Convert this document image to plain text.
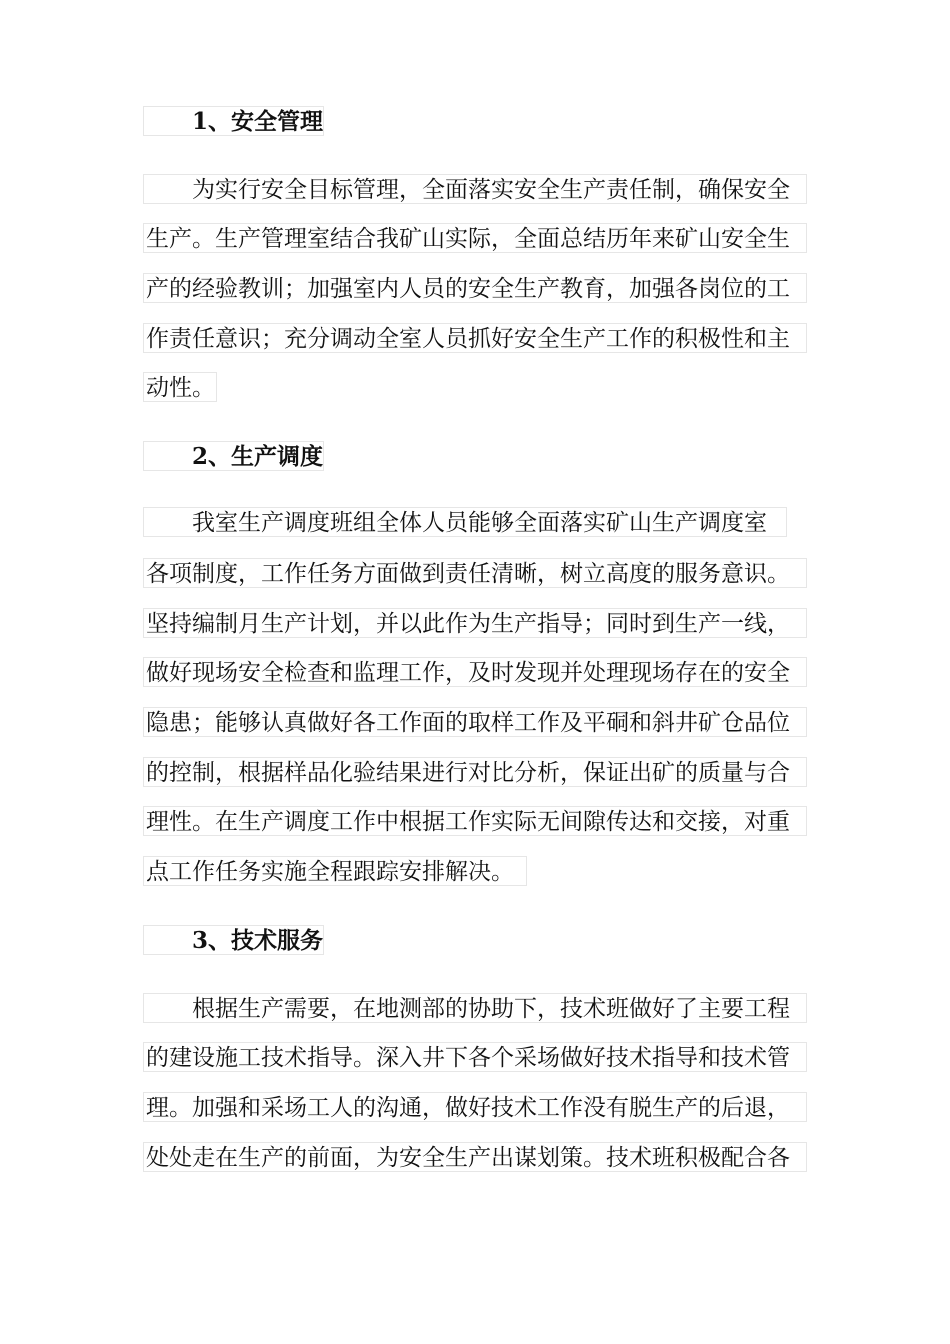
1、安全管理
为实行安全目标管理，全面落实安全生产责任制，确保安全
生产。生产管理室结合我矿山实际，全面总结历年来矿山安全生
产的经验教训；加强室内人员的安全生产教育，加强各岗位的工
作责任意识；充分调动全室人员抓好安全生产工作的积极性和主
动性。
2、生产调度
我室生产调度班组全体人员能够全面落实矿山生产调度室
各项制度，工作任务方面做到责任清晰，树立高度的服务意识。
坚持编制月生产计划，并以此作为生产指导；同时到生产一线，
做好现场安全检查和监理工作，及时发现并处理现场存在的安全
隐患；能够认真做好各工作面的取样工作及平硐和斜井矿仓品位
的控制，根据样品化验结果进行对比分析，保证出矿的质量与合
理性。在生产调度工作中根据工作实际无间隙传达和交接，对重
点工作任务实施全程跟踪安排解决。
3、技术服务
根据生产需要，在地测部的协助下，技术班做好了主要工程
的建设施工技术指导。深入井下各个采场做好技术指导和技术管
理。加强和采场工人的沟通，做好技术工作没有脱生产的后退，
处处走在生产的前面，为安全生产出谋划策。技术班积极配合各
